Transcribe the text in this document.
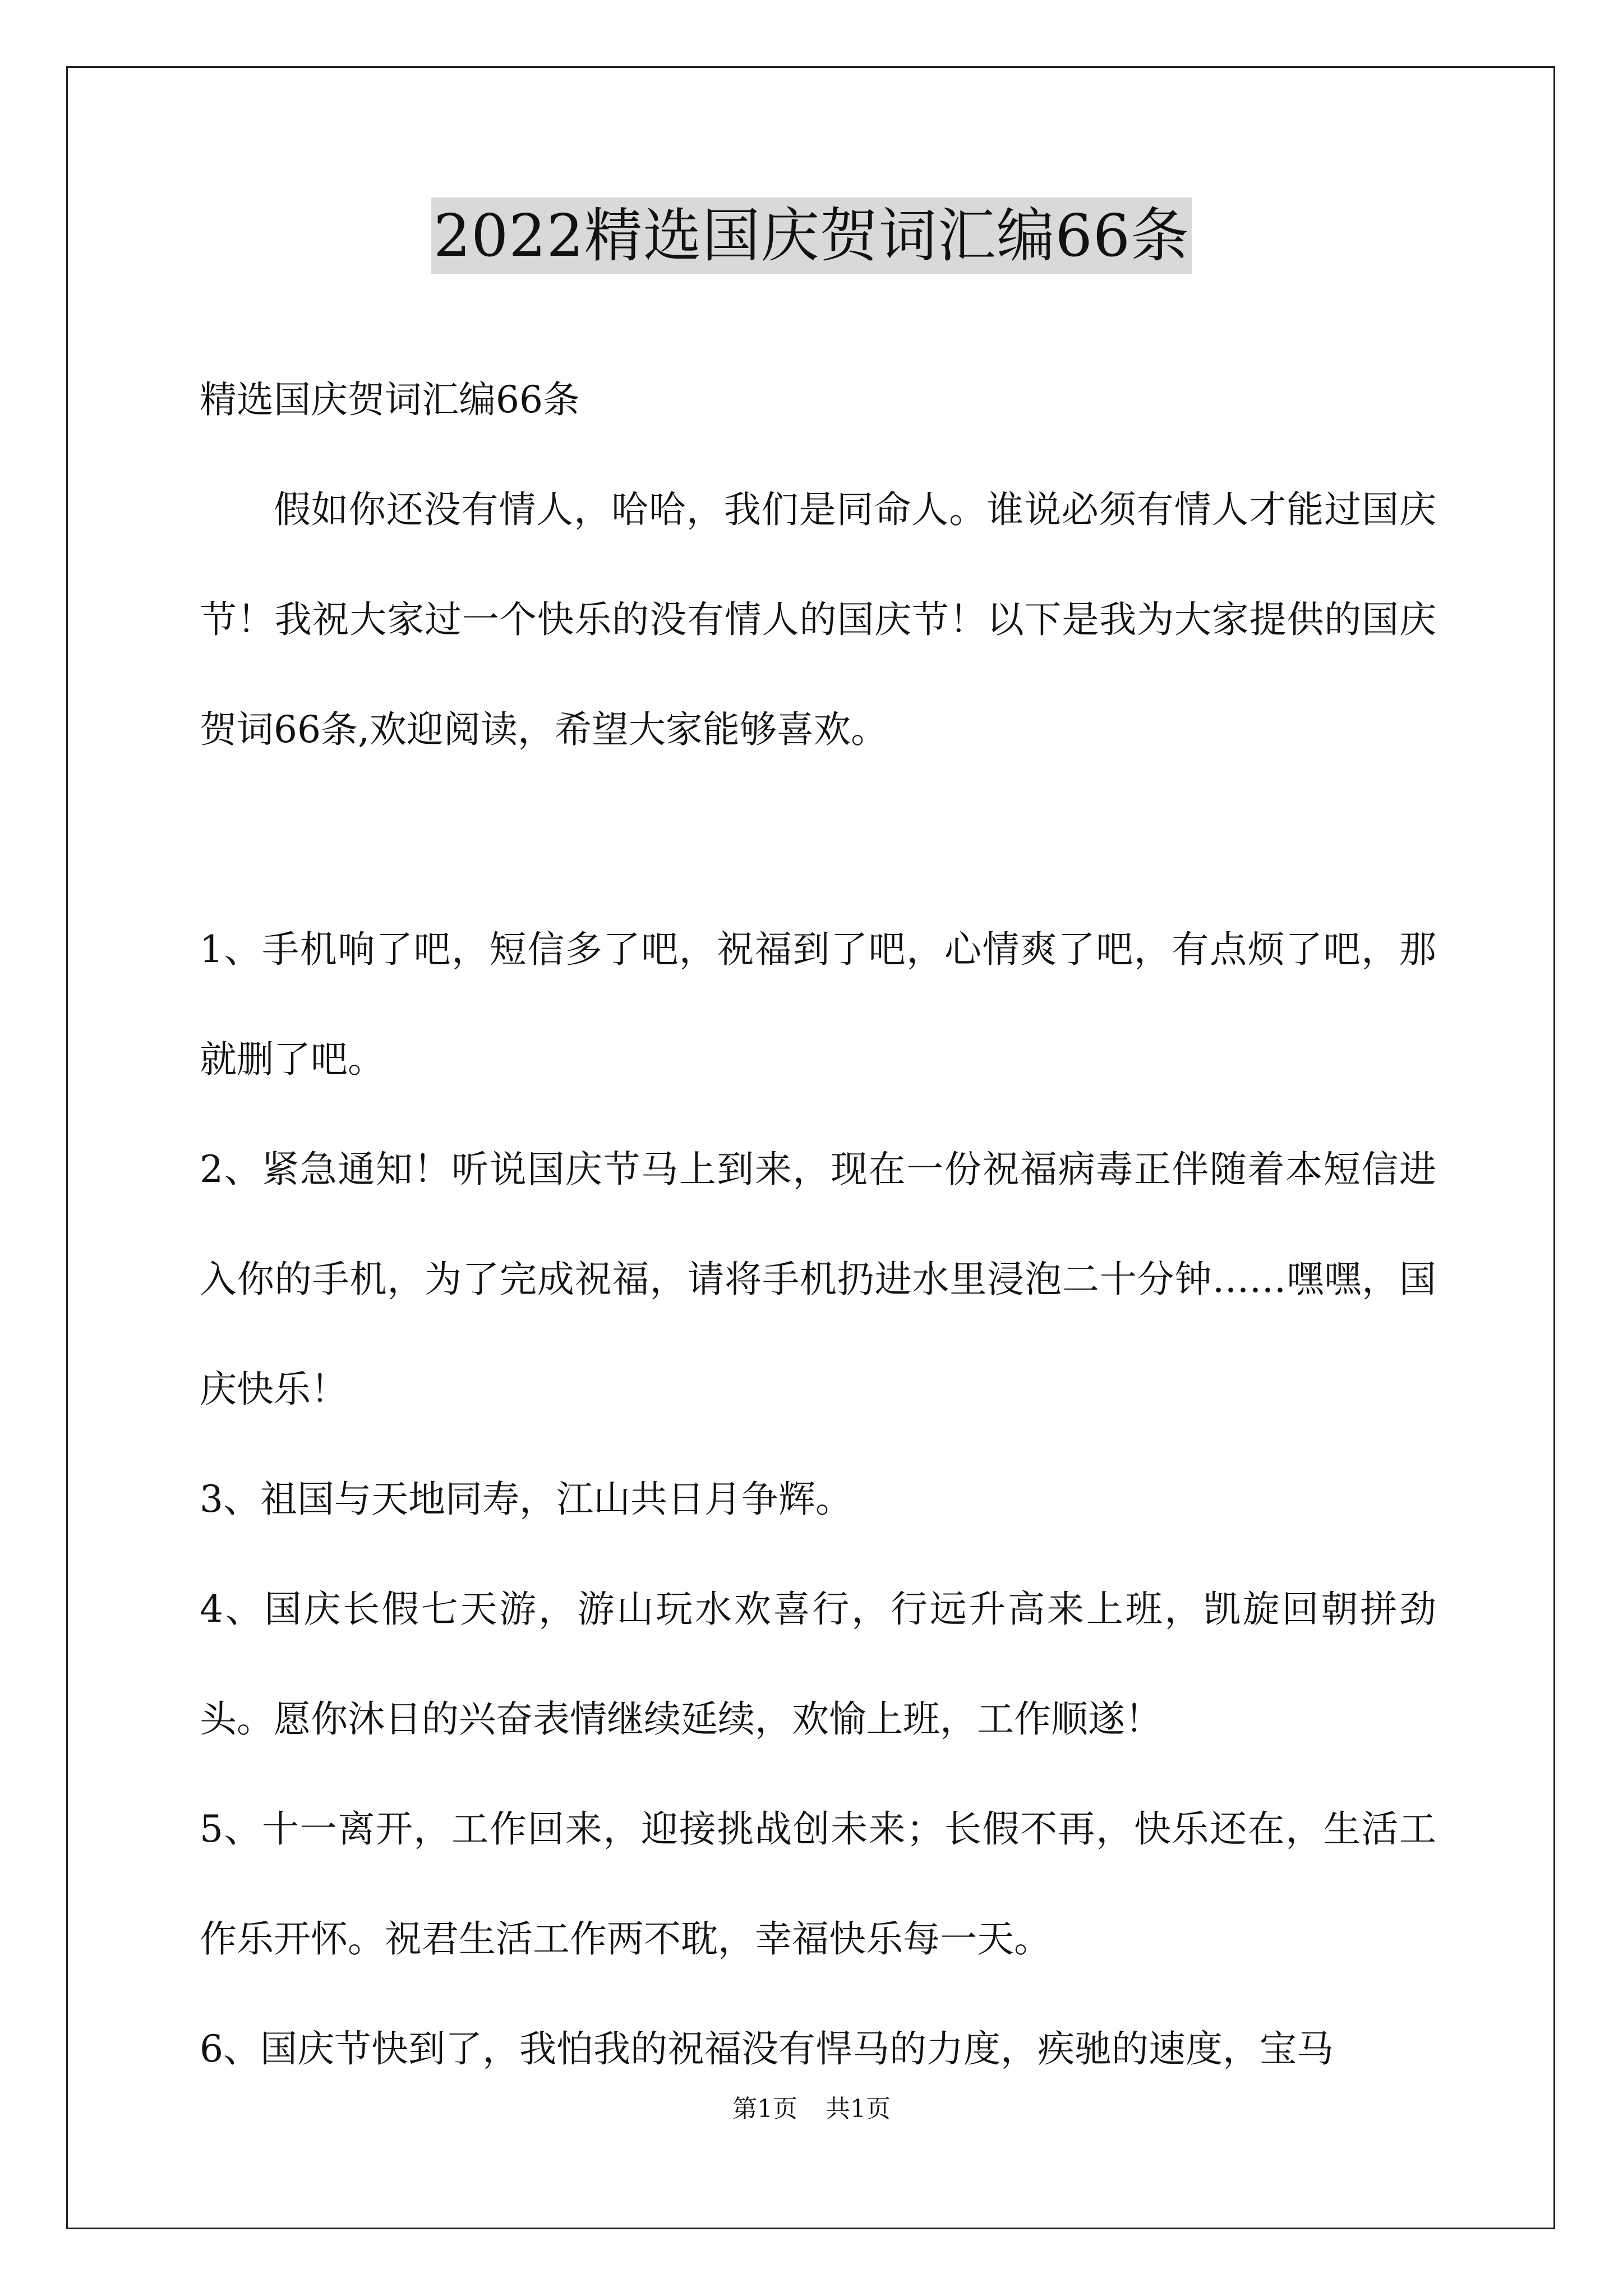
2022精选国庆贺词汇编66条

精选国庆贺词汇编66条

假如你还没有情人，哈哈，我们是同命人。谁说必须有情人才能过国庆节！我祝大家过一个快乐的没有情人的国庆节！以下是我为大家提供的国庆贺词66条,欢迎阅读，希望大家能够喜欢。

1、手机响了吧，短信多了吧，祝福到了吧，心情爽了吧，有点烦了吧，那就删了吧。

2、紧急通知！听说国庆节马上到来，现在一份祝福病毒正伴随着本短信进入你的手机，为了完成祝福，请将手机扔进水里浸泡二十分钟……嘿嘿，国庆快乐！

3、祖国与天地同寿，江山共日月争辉。

4、国庆长假七天游，游山玩水欢喜行，行远升高来上班，凯旋回朝拼劲头。愿你沐日的兴奋表情继续延续，欢愉上班，工作顺遂！

5、十一离开，工作回来，迎接挑战创未来；长假不再，快乐还在，生活工作乐开怀。祝君生活工作两不耽，幸福快乐每一天。

6、国庆节快到了，我怕我的祝福没有悍马的力度，疾驰的速度，宝马

第1页 共1页
